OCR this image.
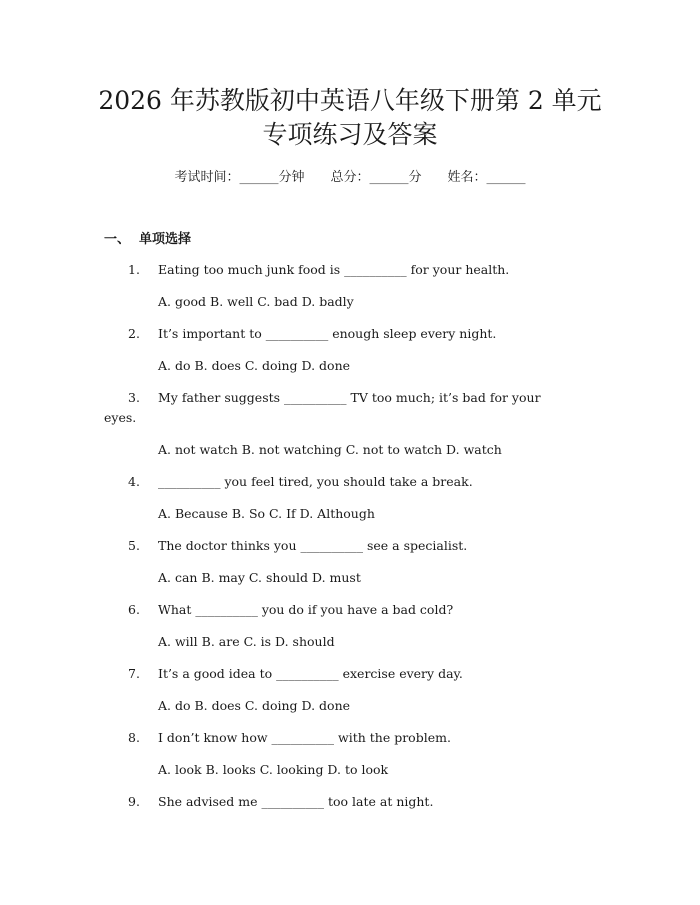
2026 年苏教版初中英语八年级下册第 2 单元
专项练习及答案
考试时间：______分钟 总分：______分 姓名：______
一、  单项选择
1. Eating too much junk food is __________ for your health.
A. good B. well C. bad D. badly
2. It’s important to __________ enough sleep every night.
A. do B. does C. doing D. done
3. My father suggests __________ TV too much; it’s bad for your
eyes.
A. not watch B. not watching C. not to watch D. watch
4. __________ you feel tired, you should take a break.
A. Because B. So C. If D. Although
5. The doctor thinks you __________ see a specialist.
A. can B. may C. should D. must
6. What __________ you do if you have a bad cold?
A. will B. are C. is D. should
7. It’s a good idea to __________ exercise every day.
A. do B. does C. doing D. done
8. I don’t know how __________ with the problem.
A. look B. looks C. looking D. to look
9. She advised me __________ too late at night.
